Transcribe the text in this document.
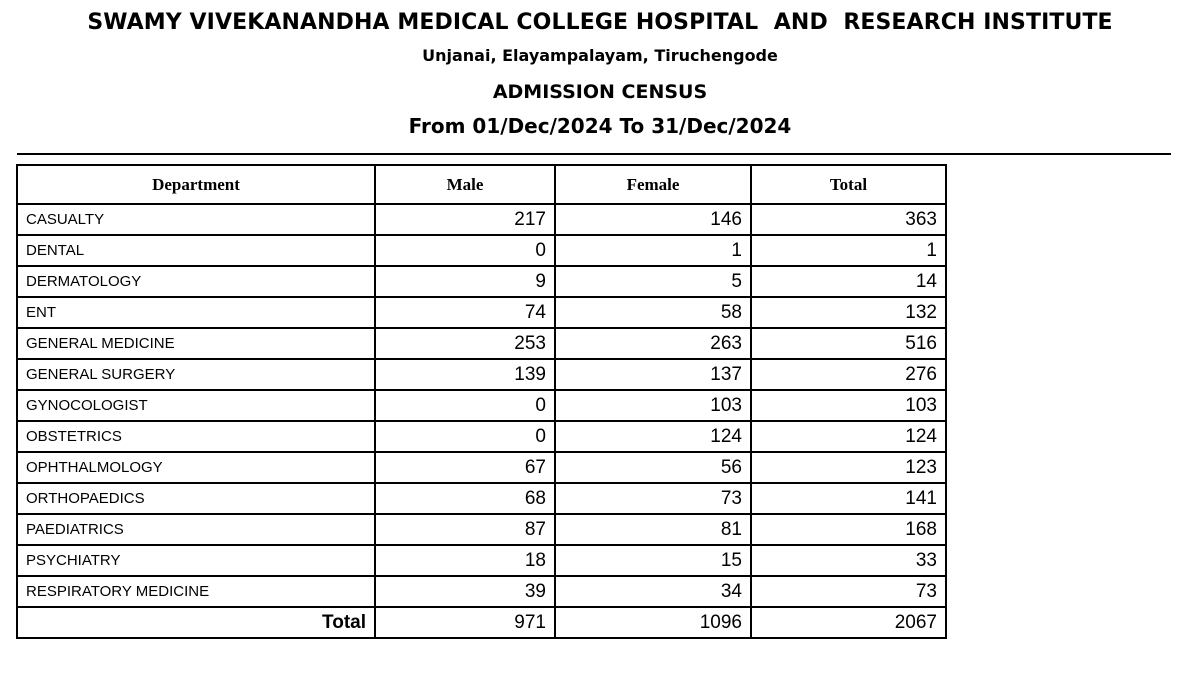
SWAMY VIVEKANANDHA MEDICAL COLLEGE HOSPITAL  AND  RESEARCH INSTITUTE
Unjanai, Elayampalayam, Tiruchengode
ADMISSION CENSUS
From 01/Dec/2024 To 31/Dec/2024
Department	Male	Female	Total
CASUALTY	217	146	363
DENTAL	0	1	1
DERMATOLOGY	9	5	14
ENT	74	58	132
GENERAL MEDICINE	253	263	516
GENERAL SURGERY	139	137	276
GYNOCOLOGIST	0	103	103
OBSTETRICS	0	124	124
OPHTHALMOLOGY	67	56	123
ORTHOPAEDICS	68	73	141
PAEDIATRICS	87	81	168
PSYCHIATRY	18	15	33
RESPIRATORY MEDICINE	39	34	73
Total	971	1096	2067
